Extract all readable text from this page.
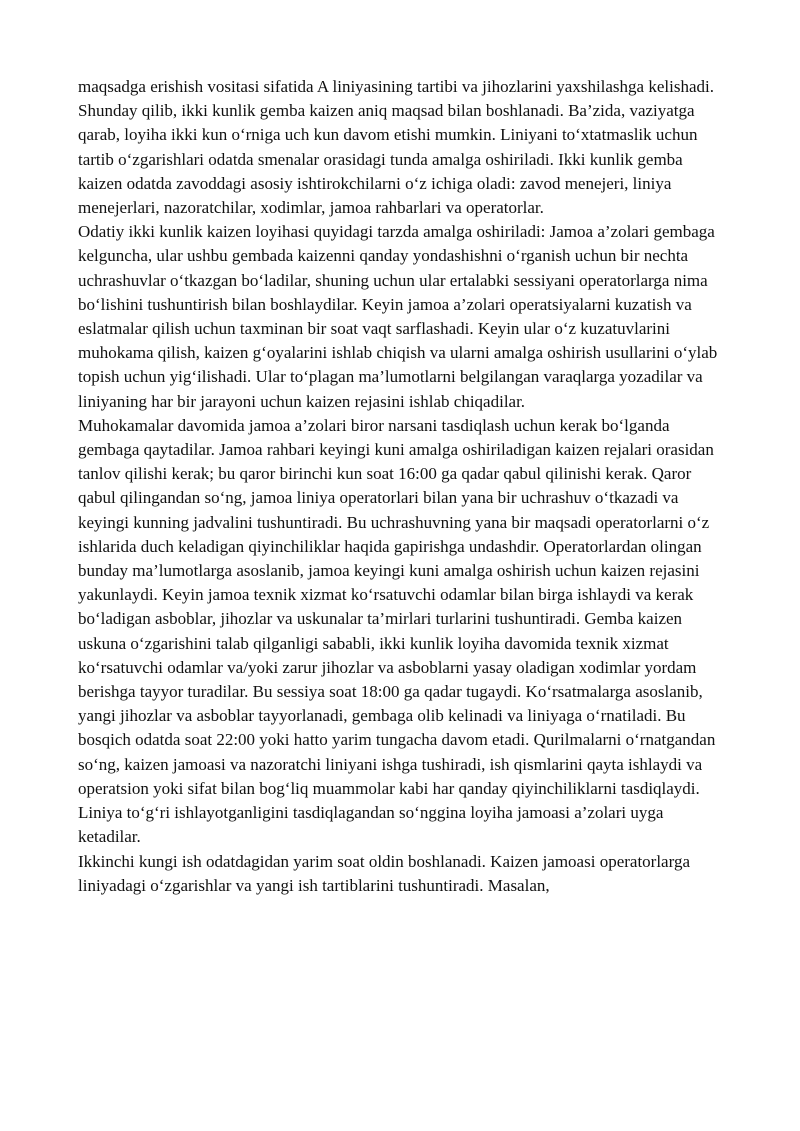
maqsadga erishish vositasi sifatida A liniyasining tartibi va jihozlarini yaxshilashga kelishadi.

Shunday qilib, ikki kunlik gemba kaizen aniq maqsad bilan boshlanadi. Ba’zida, vaziyatga qarab, loyiha ikki kun o‘rniga uch kun davom etishi mumkin. Liniyani to‘xtatmaslik uchun tartib o‘zgarishlari odatda smenalar orasidagi tunda amalga oshiriladi. Ikki kunlik gemba kaizen odatda zavoddagi asosiy ishtirokchilarni o‘z ichiga oladi: zavod menejeri, liniya menejerlari, nazoratchilar, xodimlar, jamoa rahbarlari va operatorlar.

Odatiy ikki kunlik kaizen loyihasi quyidagi tarzda amalga oshiriladi: Jamoa a’zolari gembaga kelguncha, ular ushbu gembada kaizenni qanday yondashishni o‘rganish uchun bir nechta uchrashuvlar o‘tkazgan bo‘ladilar, shuning uchun ular ertalabki sessiyani operatorlarga nima bo‘lishini tushuntirish bilan boshlaydilar. Keyin jamoa a’zolari operatsiyalarni kuzatish va eslatmalar qilish uchun taxminan bir soat vaqt sarflashadi. Keyin ular o‘z kuzatuvlarini muhokama qilish, kaizen g‘oyalarini ishlab chiqish va ularni amalga oshirish usullarini o‘ylab topish uchun yig‘ilishadi. Ular to‘plagan ma’lumotlarni belgilangan varaqlarga yozadilar va liniyaning har bir jarayoni uchun kaizen rejasini ishlab chiqadilar.

Muhokamalar davomida jamoa a’zolari biror narsani tasdiqlash uchun kerak bo‘lganda gembaga qaytadilar. Jamoa rahbari keyingi kuni amalga oshiriladigan kaizen rejalari orasidan tanlov qilishi kerak; bu qaror birinchi kun soat 16:00 ga qadar qabul qilinishi kerak. Qaror qabul qilingandan so‘ng, jamoa liniya operatorlari bilan yana bir uchrashuv o‘tkazadi va keyingi kunning jadvalini tushuntiradi. Bu uchrashuvning yana bir maqsadi operatorlarni o‘z ishlarida duch keladigan qiyinchiliklar haqida gapirishga undashdir. Operatorlardan olingan bunday ma’lumotlarga asoslanib, jamoa keyingi kuni amalga oshirish uchun kaizen rejasini yakunlaydi. Keyin jamoa texnik xizmat ko‘rsatuvchi odamlar bilan birga ishlaydi va kerak bo‘ladigan asboblar, jihozlar va uskunalar ta’mirlari turlarini tushuntiradi. Gemba kaizen uskuna o‘zgarishini talab qilganligi sababli, ikki kunlik loyiha davomida texnik xizmat ko‘rsatuvchi odamlar va/yoki zarur jihozlar va asboblarni yasay oladigan xodimlar yordam berishga tayyor turadilar. Bu sessiya soat 18:00 ga qadar tugaydi. Ko‘rsatmalarga asoslanib, yangi jihozlar va asboblar tayyorlanadi, gembaga olib kelinadi va liniyaga o‘rnatiladi. Bu bosqich odatda soat 22:00 yoki hatto yarim tungacha davom etadi. Qurilmalarni o‘rnatgandan so‘ng, kaizen jamoasi va nazoratchi liniyani ishga tushiradi, ish qismlarini qayta ishlaydi va operatsion yoki sifat bilan bog‘liq muammolar kabi har qanday qiyinchiliklarni tasdiqlaydi. Liniya to‘g‘ri ishlayotganligini tasdiqlagandan so‘nggina loyiha jamoasi a’zolari uyga ketadilar.

Ikkinchi kungi ish odatdagidan yarim soat oldin boshlanadi. Kaizen jamoasi operatorlarga liniyadagi o‘zgarishlar va yangi ish tartiblarini tushuntiradi. Masalan,
